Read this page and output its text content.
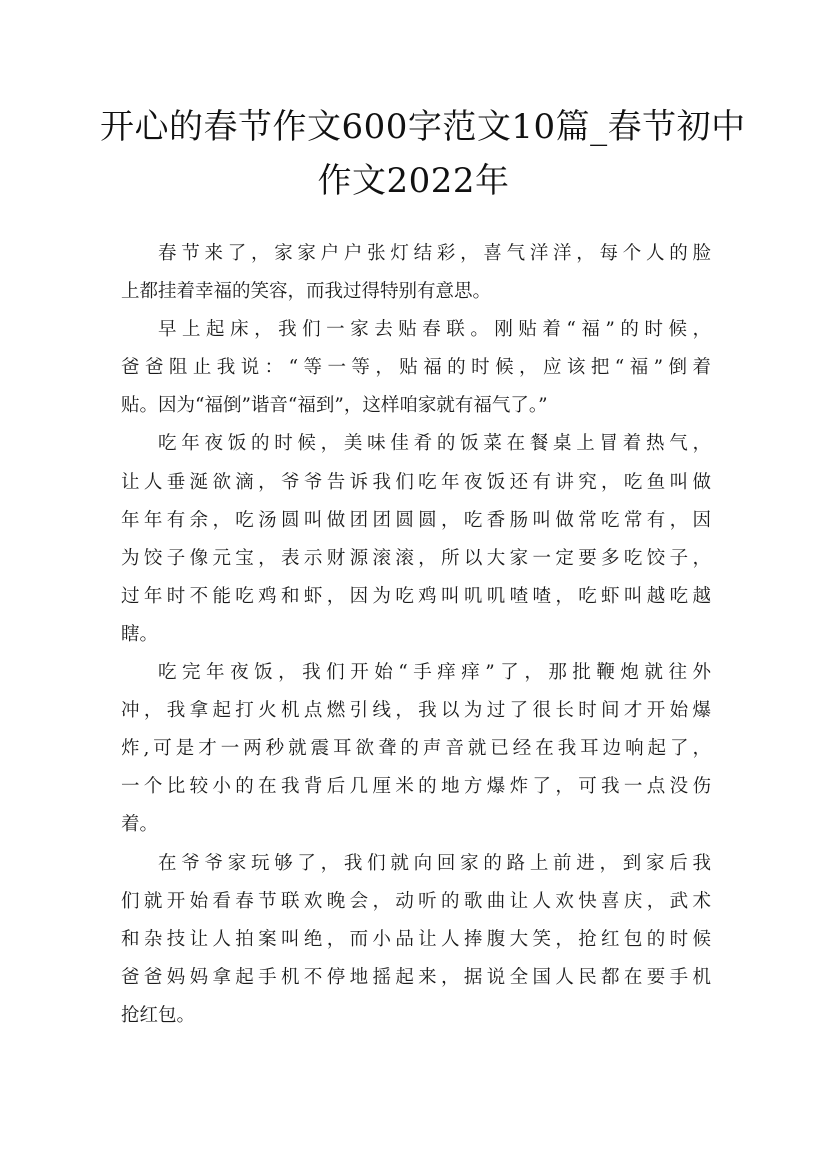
开心的春节作文600字范文10篇_春节初中
作文2022年
春节来了，家家户户张灯结彩，喜气洋洋，每个人的脸
上都挂着幸福的笑容，而我过得特别有意思。
早上起床，我们一家去贴春联。刚贴着“福”的时候，
爸爸阻止我说：“等一等，贴福的时候，应该把“福”倒着
贴。因为“福倒”谐音“福到”，这样咱家就有福气了。”
吃年夜饭的时候，美味佳肴的饭菜在餐桌上冒着热气，
让人垂涎欲滴，爷爷告诉我们吃年夜饭还有讲究，吃鱼叫做
年年有余，吃汤圆叫做团团圆圆，吃香肠叫做常吃常有，因
为饺子像元宝，表示财源滚滚，所以大家一定要多吃饺子，
过年时不能吃鸡和虾，因为吃鸡叫叽叽喳喳，吃虾叫越吃越
瞎。
吃完年夜饭，我们开始“手痒痒”了，那批鞭炮就往外
冲，我拿起打火机点燃引线，我以为过了很长时间才开始爆
炸,可是才一两秒就震耳欲聋的声音就已经在我耳边响起了，
一个比较小的在我背后几厘米的地方爆炸了，可我一点没伤
着。
在爷爷家玩够了，我们就向回家的路上前进，到家后我
们就开始看春节联欢晚会，动听的歌曲让人欢快喜庆，武术
和杂技让人拍案叫绝，而小品让人捧腹大笑，抢红包的时候
爸爸妈妈拿起手机不停地摇起来，据说全国人民都在要手机
抢红包。
